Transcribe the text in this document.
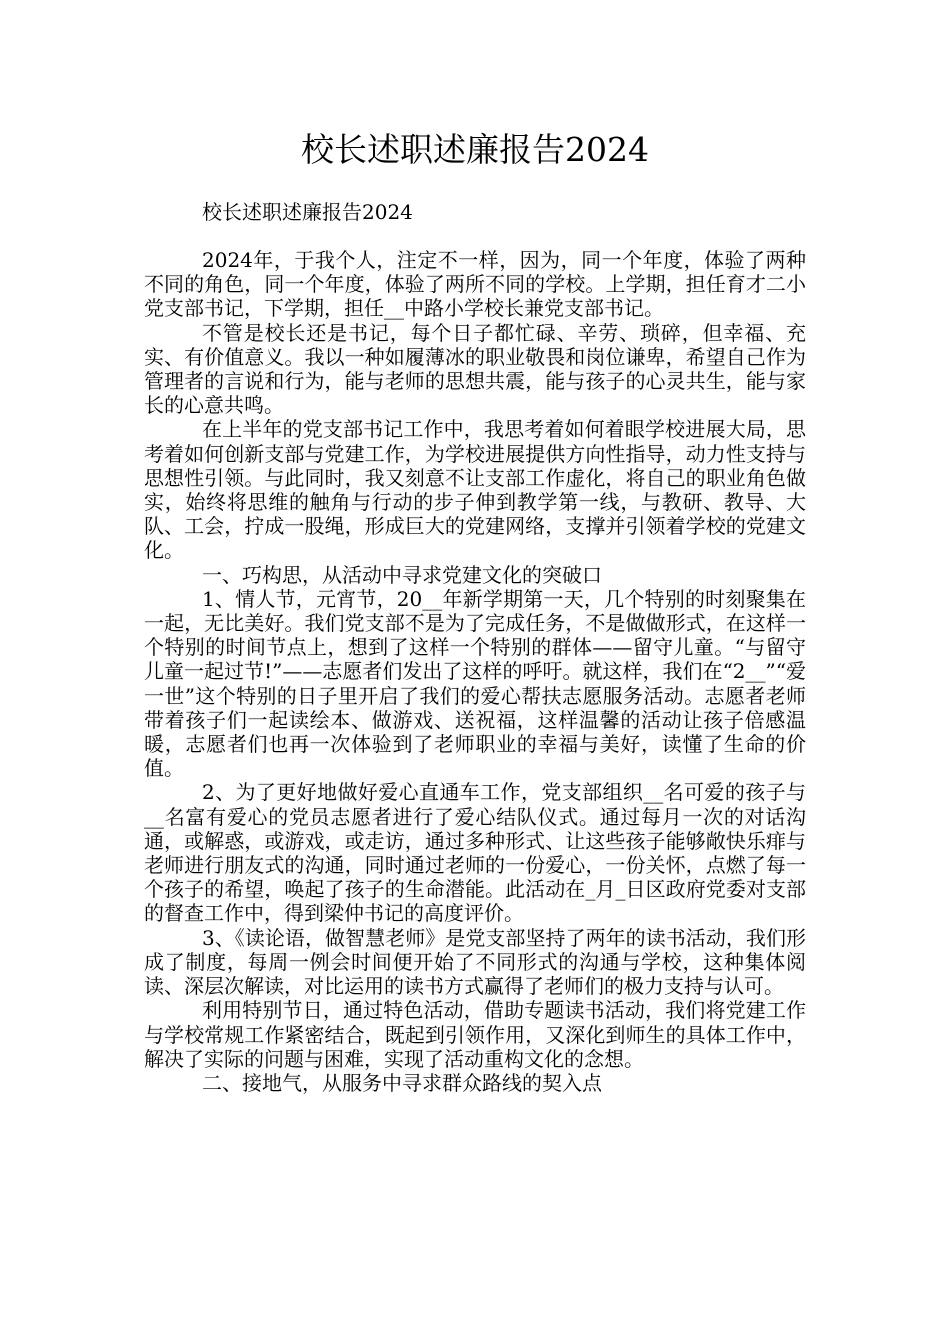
校长述职述廉报告2024
校长述职述廉报告2024

2024年，于我个人，注定不一样，因为，同一个年度，体验了两种不同的角色，同一个年度，体验了两所不同的学校。上学期，担任育才二小党支部书记，下学期，担任__中路小学校长兼党支部书记。

不管是校长还是书记，每个日子都忙碌、辛劳、琐碎，但幸福、充实、有价值意义。我以一种如履薄冰的职业敬畏和岗位谦卑，希望自己作为管理者的言说和行为，能与老师的思想共震，能与孩子的心灵共生，能与家长的心意共鸣。

在上半年的党支部书记工作中，我思考着如何着眼学校进展大局，思考着如何创新支部与党建工作，为学校进展提供方向性指导，动力性支持与思想性引领。与此同时，我又刻意不让支部工作虚化，将自己的职业角色做实，始终将思维的触角与行动的步子伸到教学第一线，与教研、教导、大队、工会，拧成一股绳，形成巨大的党建网络，支撑并引领着学校的党建文化。

一、巧构思，从活动中寻求党建文化的突破口

1、情人节，元宵节，20__年新学期第一天，几个特别的时刻聚集在一起，无比美好。我们党支部不是为了完成任务，不是做做形式，在这样一个特别的时间节点上，想到了这样一个特别的群体——留守儿童。“与留守儿童一起过节!”——志愿者们发出了这样的呼吁。就这样，我们在“2__”“爱一世”这个特别的日子里开启了我们的爱心帮扶志愿服务活动。志愿者老师带着孩子们一起读绘本、做游戏、送祝福，这样温馨的活动让孩子倍感温暖，志愿者们也再一次体验到了老师职业的幸福与美好，读懂了生命的价值。

2、为了更好地做好爱心直通车工作，党支部组织__名可爱的孩子与__名富有爱心的党员志愿者进行了爱心结队仪式。通过每月一次的对话沟通，或解惑，或游戏，或走访，通过多种形式、让这些孩子能够敞快乐痱与老师进行朋友式的沟通，同时通过老师的一份爱心，一份关怀，点燃了每一个孩子的希望，唤起了孩子的生命潜能。此活动在_月_日区政府党委对支部的督查工作中，得到梁仲书记的高度评价。

3、《读论语，做智慧老师》是党支部坚持了两年的读书活动，我们形成了制度，每周一例会时间便开始了不同形式的沟通与学校，这种集体阅读、深层次解读，对比运用的读书方式赢得了老师们的极力支持与认可。

利用特别节日，通过特色活动，借助专题读书活动，我们将党建工作与学校常规工作紧密结合，既起到引领作用，又深化到师生的具体工作中，解决了实际的问题与困难，实现了活动重构文化的念想。

二、接地气，从服务中寻求群众路线的契入点
